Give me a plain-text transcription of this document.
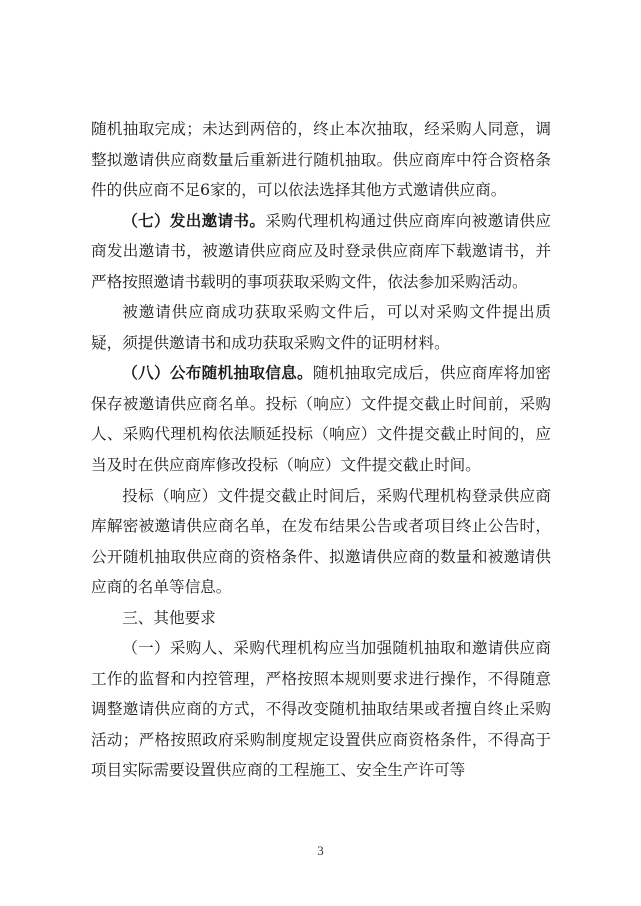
随机抽取完成；未达到两倍的，终止本次抽取，经采购人同意，调整拟邀请供应商数量后重新进行随机抽取。供应商库中符合资格条件的供应商不足6家的，可以依法选择其他方式邀请供应商。

（七）发出邀请书。采购代理机构通过供应商库向被邀请供应商发出邀请书，被邀请供应商应及时登录供应商库下载邀请书，并严格按照邀请书载明的事项获取采购文件，依法参加采购活动。

被邀请供应商成功获取采购文件后，可以对采购文件提出质疑，须提供邀请书和成功获取采购文件的证明材料。

（八）公布随机抽取信息。随机抽取完成后，供应商库将加密保存被邀请供应商名单。投标（响应）文件提交截止时间前，采购人、采购代理机构依法顺延投标（响应）文件提交截止时间的，应当及时在供应商库修改投标（响应）文件提交截止时间。

投标（响应）文件提交截止时间后，采购代理机构登录供应商库解密被邀请供应商名单，在发布结果公告或者项目终止公告时，公开随机抽取供应商的资格条件、拟邀请供应商的数量和被邀请供应商的名单等信息。

三、其他要求

（一）采购人、采购代理机构应当加强随机抽取和邀请供应商工作的监督和内控管理，严格按照本规则要求进行操作，不得随意调整邀请供应商的方式，不得改变随机抽取结果或者擅自终止采购活动；严格按照政府采购制度规定设置供应商资格条件，不得高于项目实际需要设置供应商的工程施工、安全生产许可等

3
